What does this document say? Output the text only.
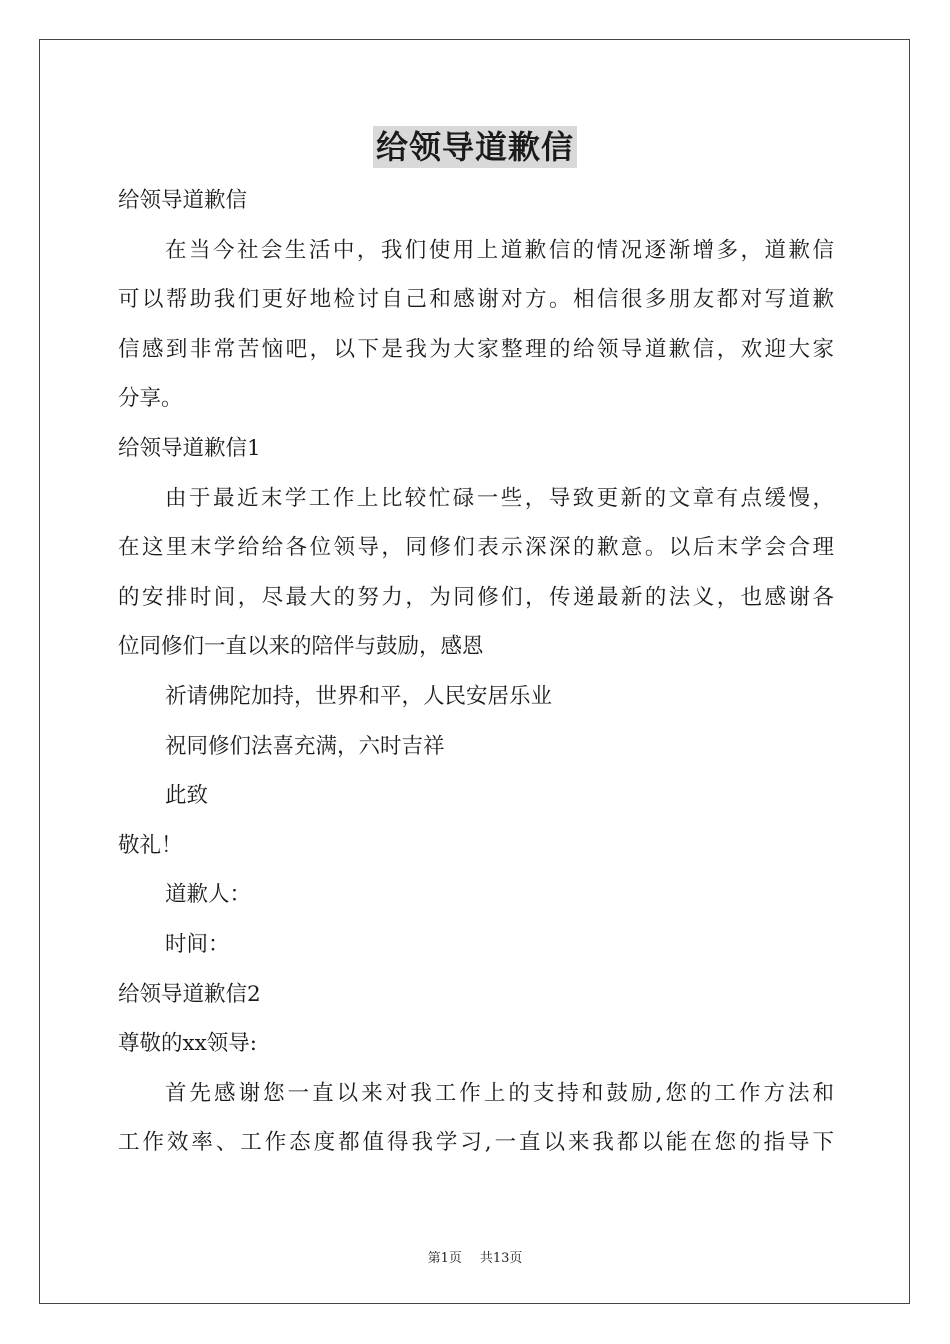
给领导道歉信
给领导道歉信
在当今社会生活中，我们使用上道歉信的情况逐渐增多，道歉信
可以帮助我们更好地检讨自己和感谢对方。相信很多朋友都对写道歉
信感到非常苦恼吧，以下是我为大家整理的给领导道歉信，欢迎大家
分享。
给领导道歉信1
由于最近末学工作上比较忙碌一些，导致更新的文章有点缓慢，
在这里末学给给各位领导，同修们表示深深的歉意。以后末学会合理
的安排时间，尽最大的努力，为同修们，传递最新的法义，也感谢各
位同修们一直以来的陪伴与鼓励，感恩
祈请佛陀加持，世界和平，人民安居乐业
祝同修们法喜充满，六时吉祥
此致
敬礼！
道歉人：
时间：
给领导道歉信2
尊敬的xx领导:
首先感谢您一直以来对我工作上的支持和鼓励,您的工作方法和
工作效率、工作态度都值得我学习,一直以来我都以能在您的指导下
第1页 共13页
